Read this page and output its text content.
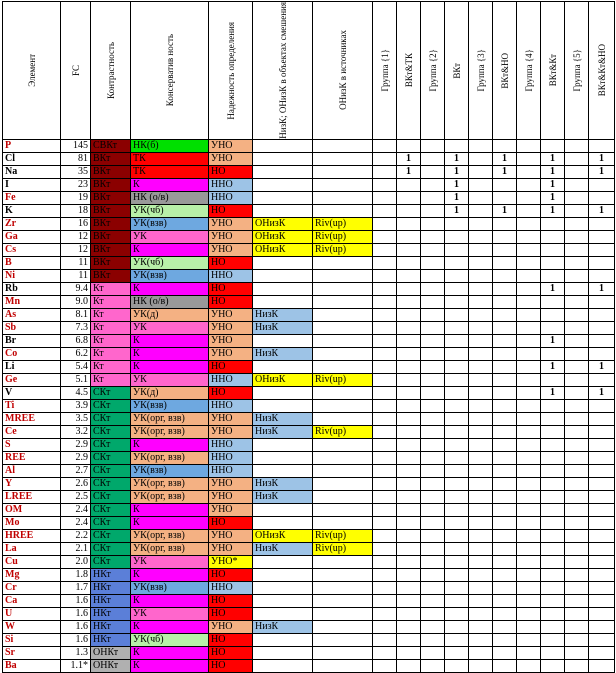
Элемент	FC	Контрастность	Консерватив ность	Надежность определения	НизК; ОНизК в объектах смешения	ОНизК в источниках	Группа {1}	ВКт&ТК	Группа {2}	ВКт	Группа {3}	ВКт&НО	Группа {4}	ВКт&Кт	Группа {5}	ВКт&Кт&НО

P	145	СВКт	НК(б)	УНО												
Cl	81	ВКт	ТК	УНО				1		1		1		1		1
Na	35	ВКт	ТК	НО				1		1		1		1		1
I	23	ВКт	К	ННО						1				1		
Fe	19	ВКт	НК (о/в)	ННО						1				1		
K	18	ВКт	УК(чб)	НО						1		1		1		1
Zr	16	ВКт	УК(взв)	УНО	ОНизК	Riv(up)										
Ga	12	ВКт	УК	УНО	ОНизК	Riv(up)										
Cs	12	ВКт	К	УНО	ОНизК	Riv(up)										
B	11	ВКт	УК(чб)	НО												
Ni	11	ВКт	УК(взв)	ННО												
Rb	9.4	Кт	К	НО										1		1
Mn	9.0	Кт	НК (о/в)	НО												
As	8.1	Кт	УК(д)	УНО	НизК											
Sb	7.3	Кт	УК	УНО	НизК											
Br	6.8	Кт	К	УНО										1		
Co	6.2	Кт	К	УНО	НизК											
Li	5.4	Кт	К	НО										1		1
Ge	5.1	Кт	УК	ННО	ОНизК	Riv(up)										
V	4.5	СКт	УК(д)	НО										1		1
Ti	3.9	СКт	УК(взв)	ННО												
MREE	3.5	СКт	УК(орг, взв)	УНО	НизК											
Ce	3.2	СКт	УК(орг, взв)	УНО	НизК	Riv(up)										
S	2.9	СКт	К	ННО												
REE	2.9	СКт	УК(орг, взв)	ННО												
Al	2.7	СКт	УК(взв)	ННО												
Y	2.6	СКт	УК(орг, взв)	УНО	НизК											
LREE	2.5	СКт	УК(орг, взв)	УНО	НизК											
OM	2.4	СКт	К	УНО												
Mo	2.4	СКт	К	НО												
HREE	2.2	СКт	УК(орг, взв)	УНО	ОНизК	Riv(up)										
La	2.1	СКт	УК(орг, взв)	УНО	НизК	Riv(up)										
Cu	2.0	СКт	УК	УНО*												
Mg	1.8	НКт	К	НО												
Cr	1.7	НКт	УК(взв)	ННО												
Ca	1.6	НКт	К	НО												
U	1.6	НКт	УК	НО												
W	1.6	НКт	К	УНО	НизК											
Si	1.6	НКт	УК(чб)	НО												
Sr	1.3	ОНКт	К	НО												
Ba	1.1*	ОНКт	К	НО												
